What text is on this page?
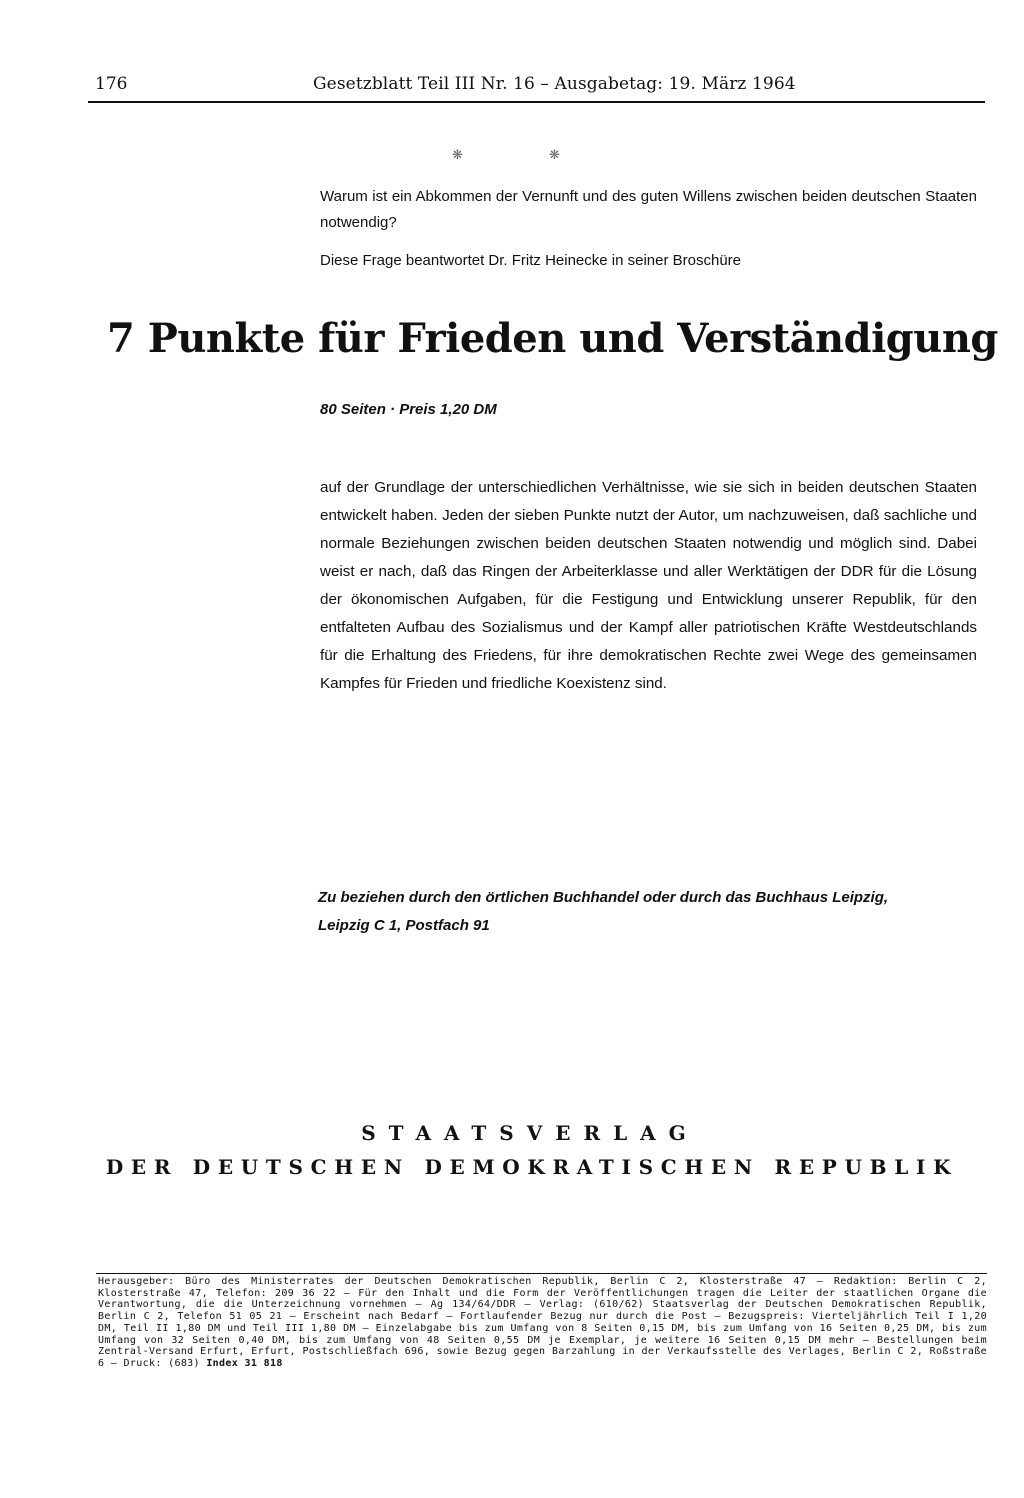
176	Gesetzblatt Teil III Nr. 16 – Ausgabetag: 19. März 1964
❋	❋

Warum ist ein Abkommen der Vernunft und des guten Willens zwischen beiden deutschen Staaten notwendig?

Diese Frage beantwortet Dr. Fritz Heinecke in seiner Broschüre

7 Punkte für Frieden und Verständigung

80 Seiten · Preis 1,20 DM

auf der Grundlage der unterschiedlichen Verhältnisse, wie sie sich in beiden deutschen Staaten entwickelt haben. Jeden der sieben Punkte nutzt der Autor, um nachzuweisen, daß sachliche und normale Beziehungen zwischen beiden deutschen Staaten notwendig und möglich sind. Dabei weist er nach, daß das Ringen der Arbeiterklasse und aller Werktätigen der DDR für die Lösung der ökonomischen Aufgaben, für die Festigung und Entwicklung unserer Republik, für den entfalteten Aufbau des Sozialismus und der Kampf aller patriotischen Kräfte Westdeutschlands für die Erhaltung des Friedens, für ihre demokratischen Rechte zwei Wege des gemeinsamen Kampfes für Frieden und friedliche Koexistenz sind.

Zu beziehen durch den örtlichen Buchhandel oder durch das Buchhaus Leipzig,
Leipzig C 1, Postfach 91

STAATSVERLAG

DER DEUTSCHEN DEMOKRATISCHEN REPUBLIK

Herausgeber: Büro des Ministerrates der Deutschen Demokratischen Republik, Berlin C 2, Klosterstraße 47 – Redaktion: Berlin C 2, Klosterstraße 47, Telefon: 209 36 22 – Für den Inhalt und die Form der Veröffentlichungen tragen die Leiter der staatlichen Organe die Verantwortung, die die Unterzeichnung vornehmen – Ag 134/64/DDR – Verlag: (610/62) Staatsverlag der Deutschen Demokratischen Republik, Berlin C 2, Telefon 51 05 21 – Erscheint nach Bedarf – Fortlaufender Bezug nur durch die Post – Bezugspreis: Vierteljährlich Teil I 1,20 DM, Teil II 1,80 DM und Teil III 1,80 DM – Einzelabgabe bis zum Umfang von 8 Seiten 0,15 DM, bis zum Umfang von 16 Seiten 0,25 DM, bis zum Umfang von 32 Seiten 0,40 DM, bis zum Umfang von 48 Seiten 0,55 DM je Exemplar, je weitere 16 Seiten 0,15 DM mehr – Bestellungen beim Zentral-Versand Erfurt, Erfurt, Postschließfach 696, sowie Bezug gegen Barzahlung in der Verkaufsstelle des Verlages, Berlin C 2, Roßstraße 6 – Druck: (683) Index 31 818
